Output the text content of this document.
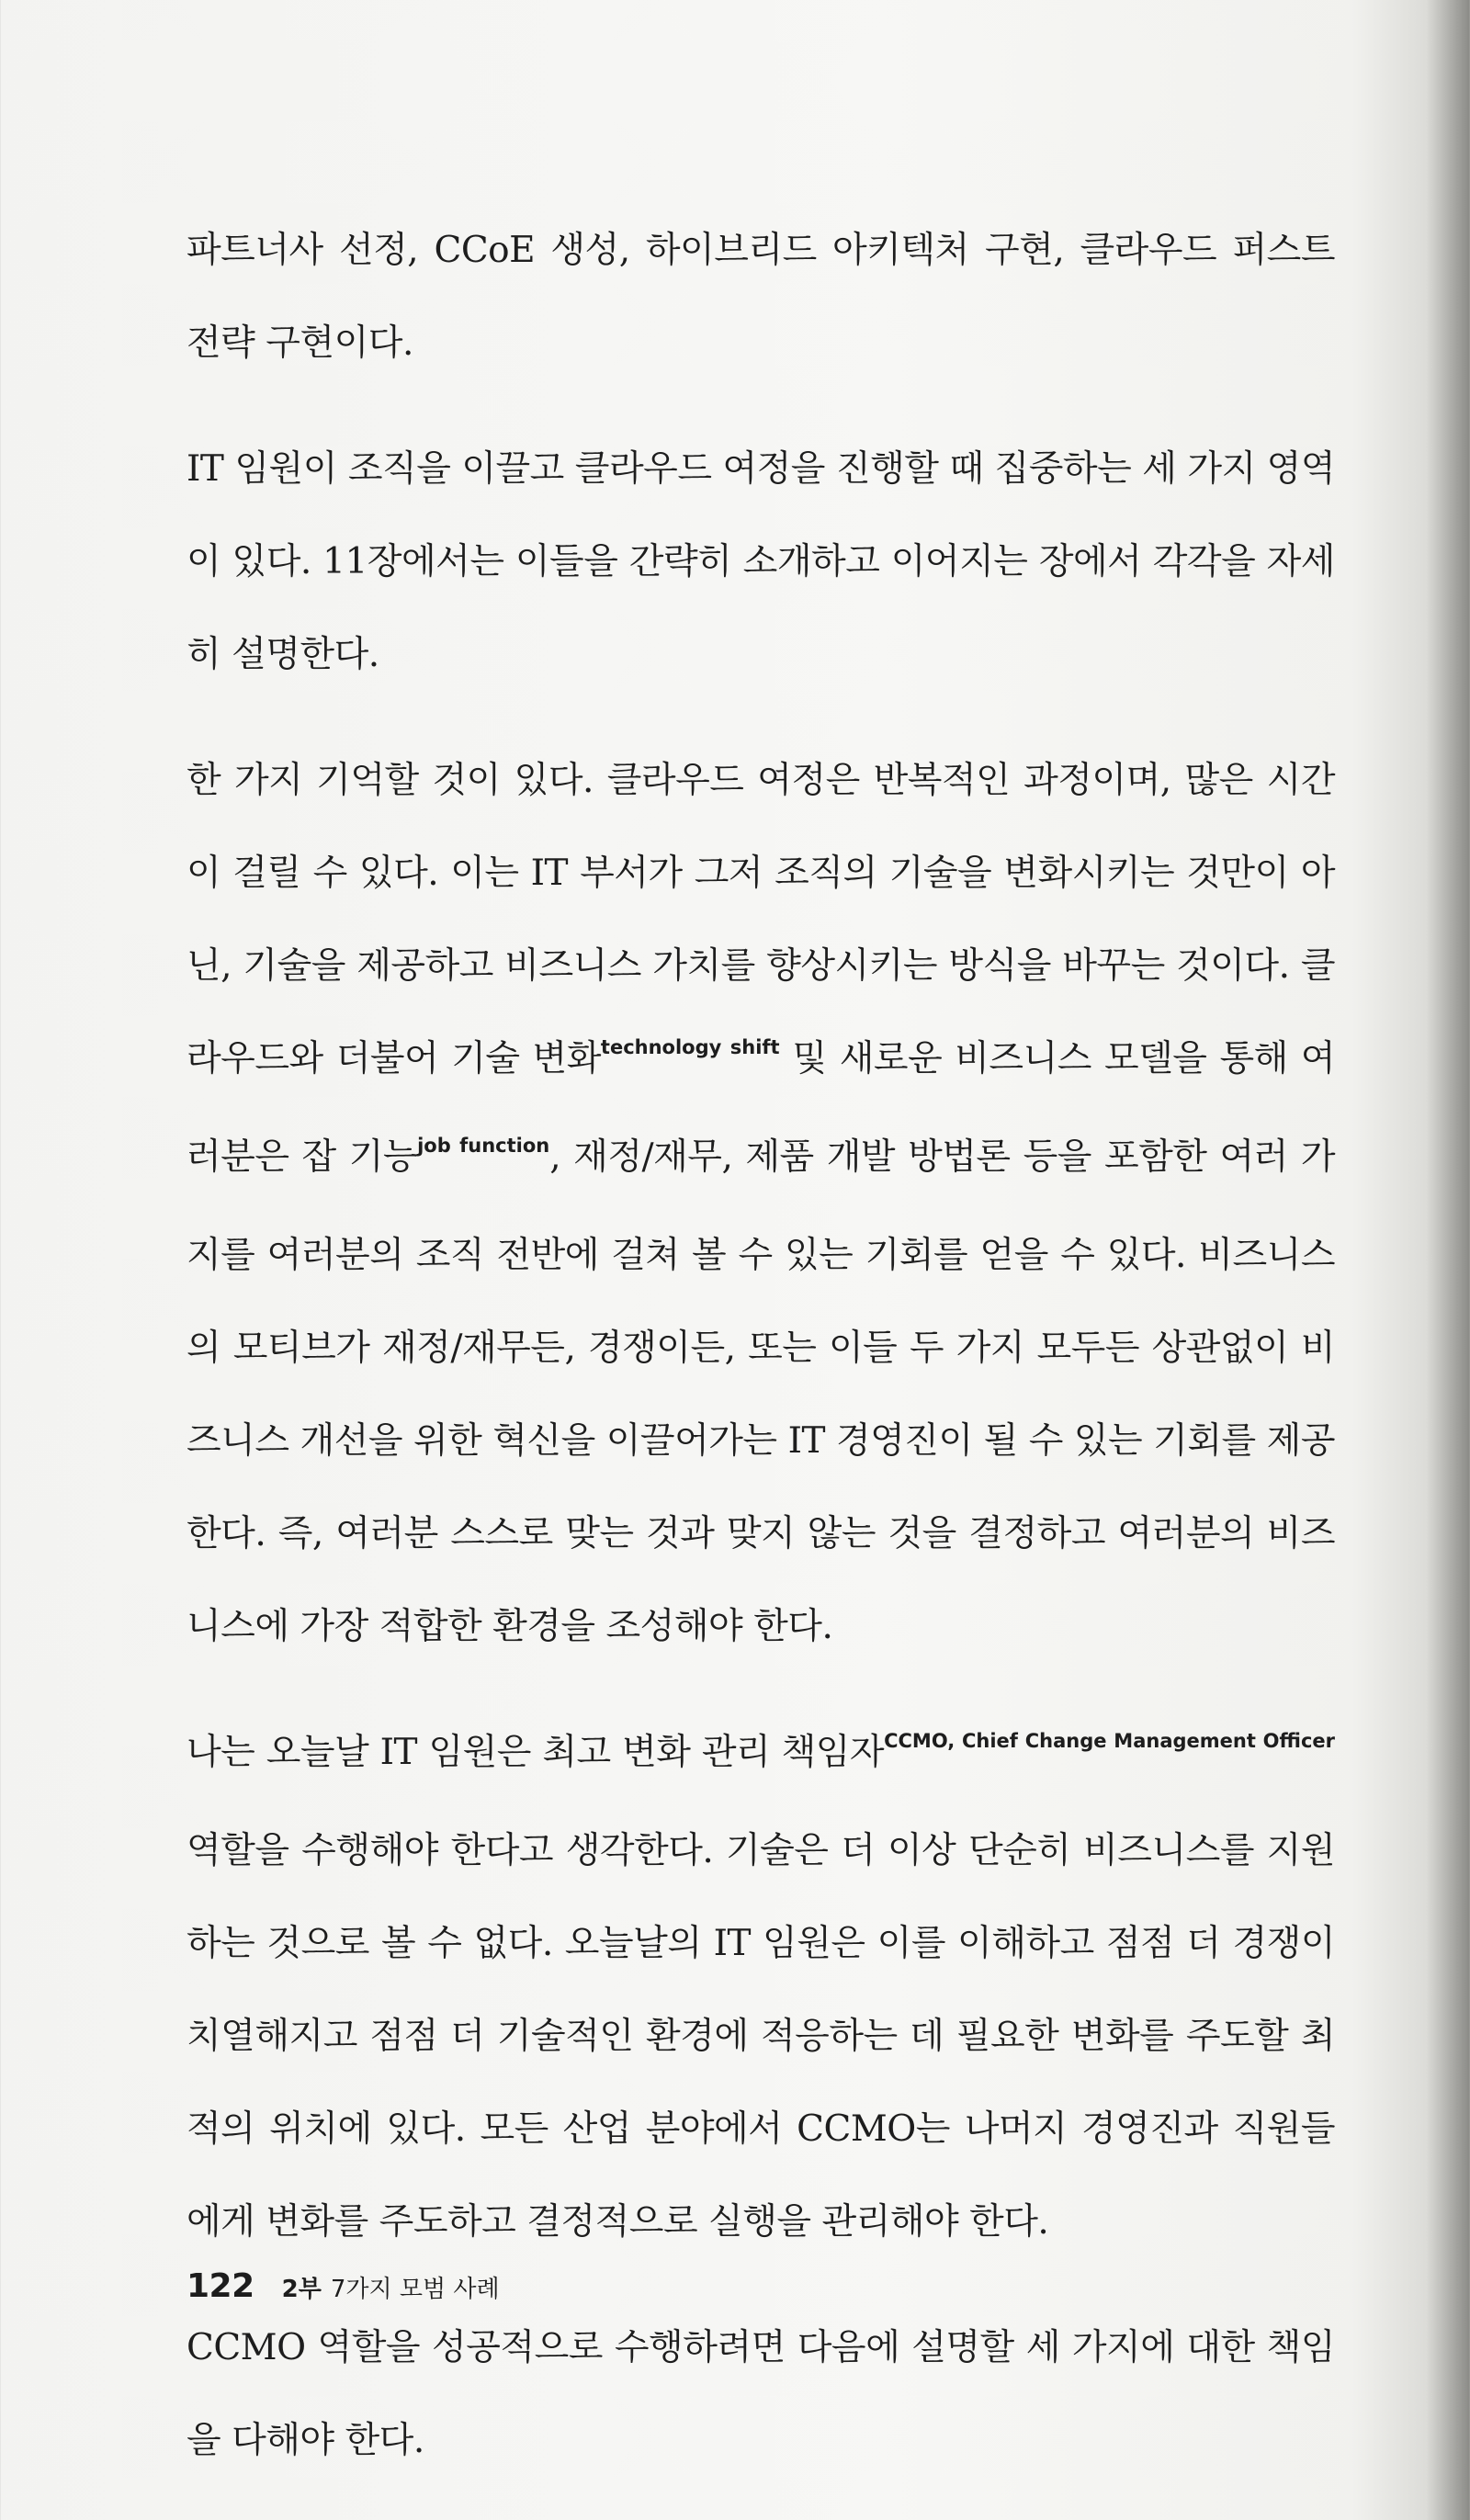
파트너사 선정, CCoE 생성, 하이브리드 아키텍처 구현, 클라우드 퍼스트 전략 구현이다.

IT 임원이 조직을 이끌고 클라우드 여정을 진행할 때 집중하는 세 가지 영역이 있다. 11장에서는 이들을 간략히 소개하고 이어지는 장에서 각각을 자세히 설명한다.

한 가지 기억할 것이 있다. 클라우드 여정은 반복적인 과정이며, 많은 시간이 걸릴 수 있다. 이는 IT 부서가 그저 조직의 기술을 변화시키는 것만이 아닌, 기술을 제공하고 비즈니스 가치를 향상시키는 방식을 바꾸는 것이다. 클라우드와 더불어 기술 변화$^{technology shift}$ 및 새로운 비즈니스 모델을 통해 여러분은 잡 기능$^{job function}$, 재정/재무, 제품 개발 방법론 등을 포함한 여러 가지를 여러분의 조직 전반에 걸쳐 볼 수 있는 기회를 얻을 수 있다. 비즈니스의 모티브가 재정/재무든, 경쟁이든, 또는 이들 두 가지 모두든 상관없이 비즈니스 개선을 위한 혁신을 이끌어가는 IT 경영진이 될 수 있는 기회를 제공한다. 즉, 여러분 스스로 맞는 것과 맞지 않는 것을 결정하고 여러분의 비즈니스에 가장 적합한 환경을 조성해야 한다.

나는 오늘날 IT 임원은 최고 변화 관리 책임자$^{CCMO, Chief Change Management Officer}$ 역할을 수행해야 한다고 생각한다. 기술은 더 이상 단순히 비즈니스를 지원하는 것으로 볼 수 없다. 오늘날의 IT 임원은 이를 이해하고 점점 더 경쟁이 치열해지고 점점 더 기술적인 환경에 적응하는 데 필요한 변화를 주도할 최적의 위치에 있다. 모든 산업 분야에서 CCMO는 나머지 경영진과 직원들에게 변화를 주도하고 결정적으로 실행을 관리해야 한다.

CCMO 역할을 성공적으로 수행하려면 다음에 설명할 세 가지에 대한 책임을 다해야 한다.

122 2부 7가지 모범 사례
